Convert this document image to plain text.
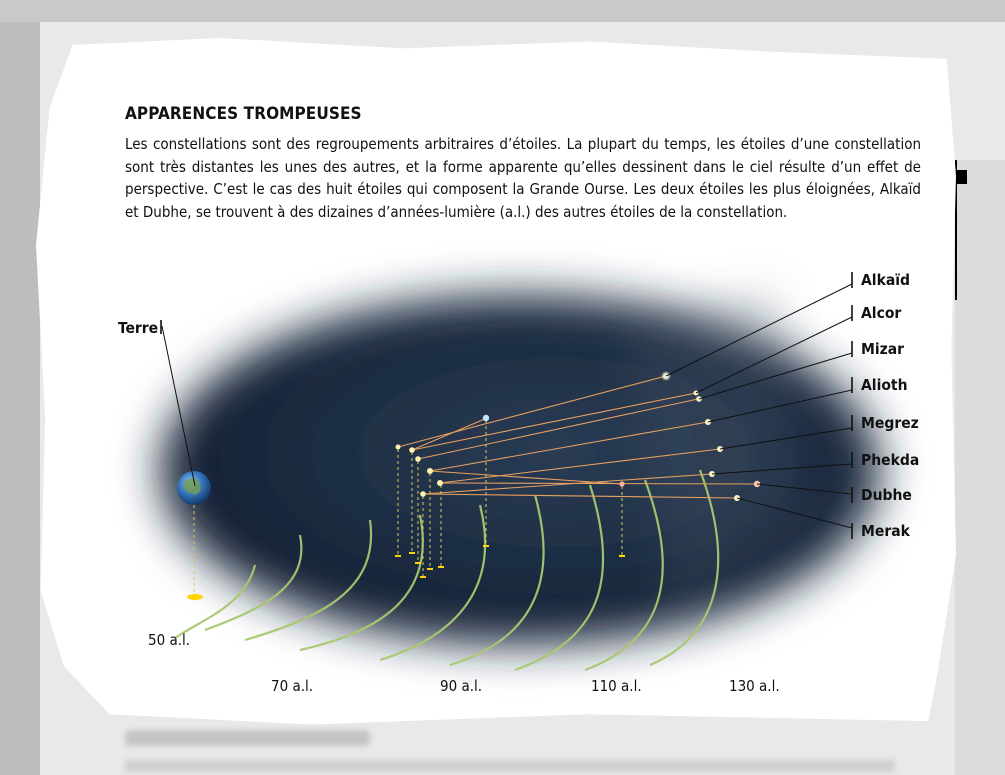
APPARENCES TROMPEUSES

Les constellations sont des regroupements arbitraires d’étoiles. La plupart du temps, les étoiles d’une constellation sont très distantes les unes des autres, et la forme apparente qu’elles dessinent dans le ciel résulte d’un effet de perspective. C’est le cas des huit étoiles qui composent la Grande Ourse. Les deux étoiles les plus éloignées, Alkaïd et Dubhe, se trouvent à des dizaines d’années-lumière (a.l.) des autres étoiles de la constellation.

Terre
Alkaïd
Alcor
Mizar
Alioth
Megrez
Phekda
Dubhe
Merak
50 a.l.
70 a.l.	90 a.l.	110 a.l.	130 a.l.
